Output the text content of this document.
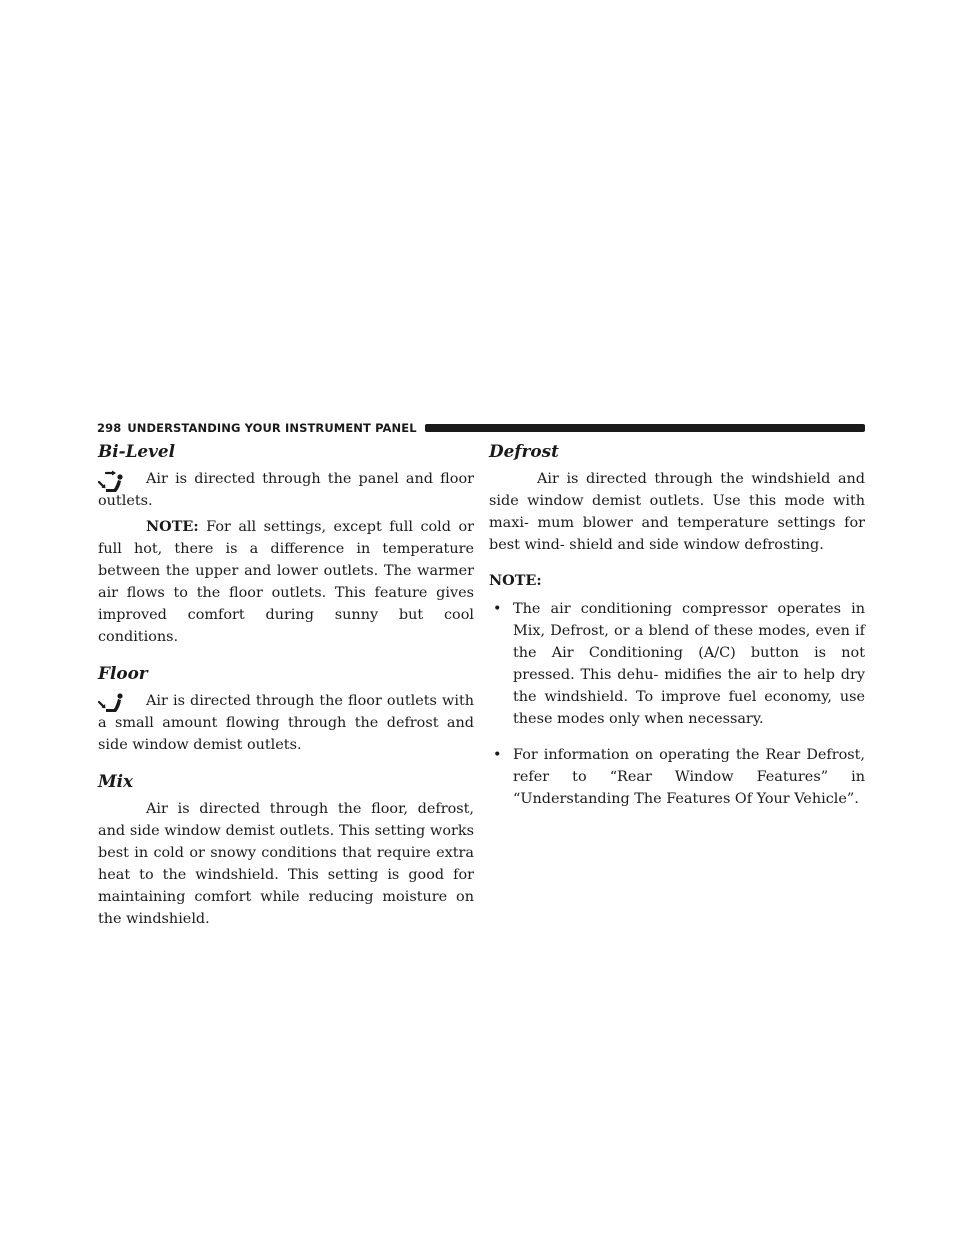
298 UNDERSTANDING YOUR INSTRUMENT PANEL
Bi-Level

Air is directed through the panel and floor outlets.

NOTE: For all settings, except full cold or full hot, there is a difference in temperature between the upper and lower outlets. The warmer air flows to the floor outlets. This feature gives improved comfort during sunny but cool conditions.

Floor

Air is directed through the floor outlets with a small amount flowing through the defrost and side window demist outlets.

Mix

Air is directed through the floor, defrost, and side window demist outlets. This setting works best in cold or snowy conditions that require extra heat to the windshield. This setting is good for maintaining comfort while reducing moisture on the windshield.

Defrost

Air is directed through the windshield and side window demist outlets. Use this mode with maxi- mum blower and temperature settings for best wind- shield and side window defrosting.

NOTE:

• The air conditioning compressor operates in Mix, Defrost, or a blend of these modes, even if the Air Conditioning (A/C) button is not pressed. This dehu- midifies the air to help dry the windshield. To improve fuel economy, use these modes only when necessary.
• For information on operating the Rear Defrost, refer to “Rear Window Features” in “Understanding The Features Of Your Vehicle”.
